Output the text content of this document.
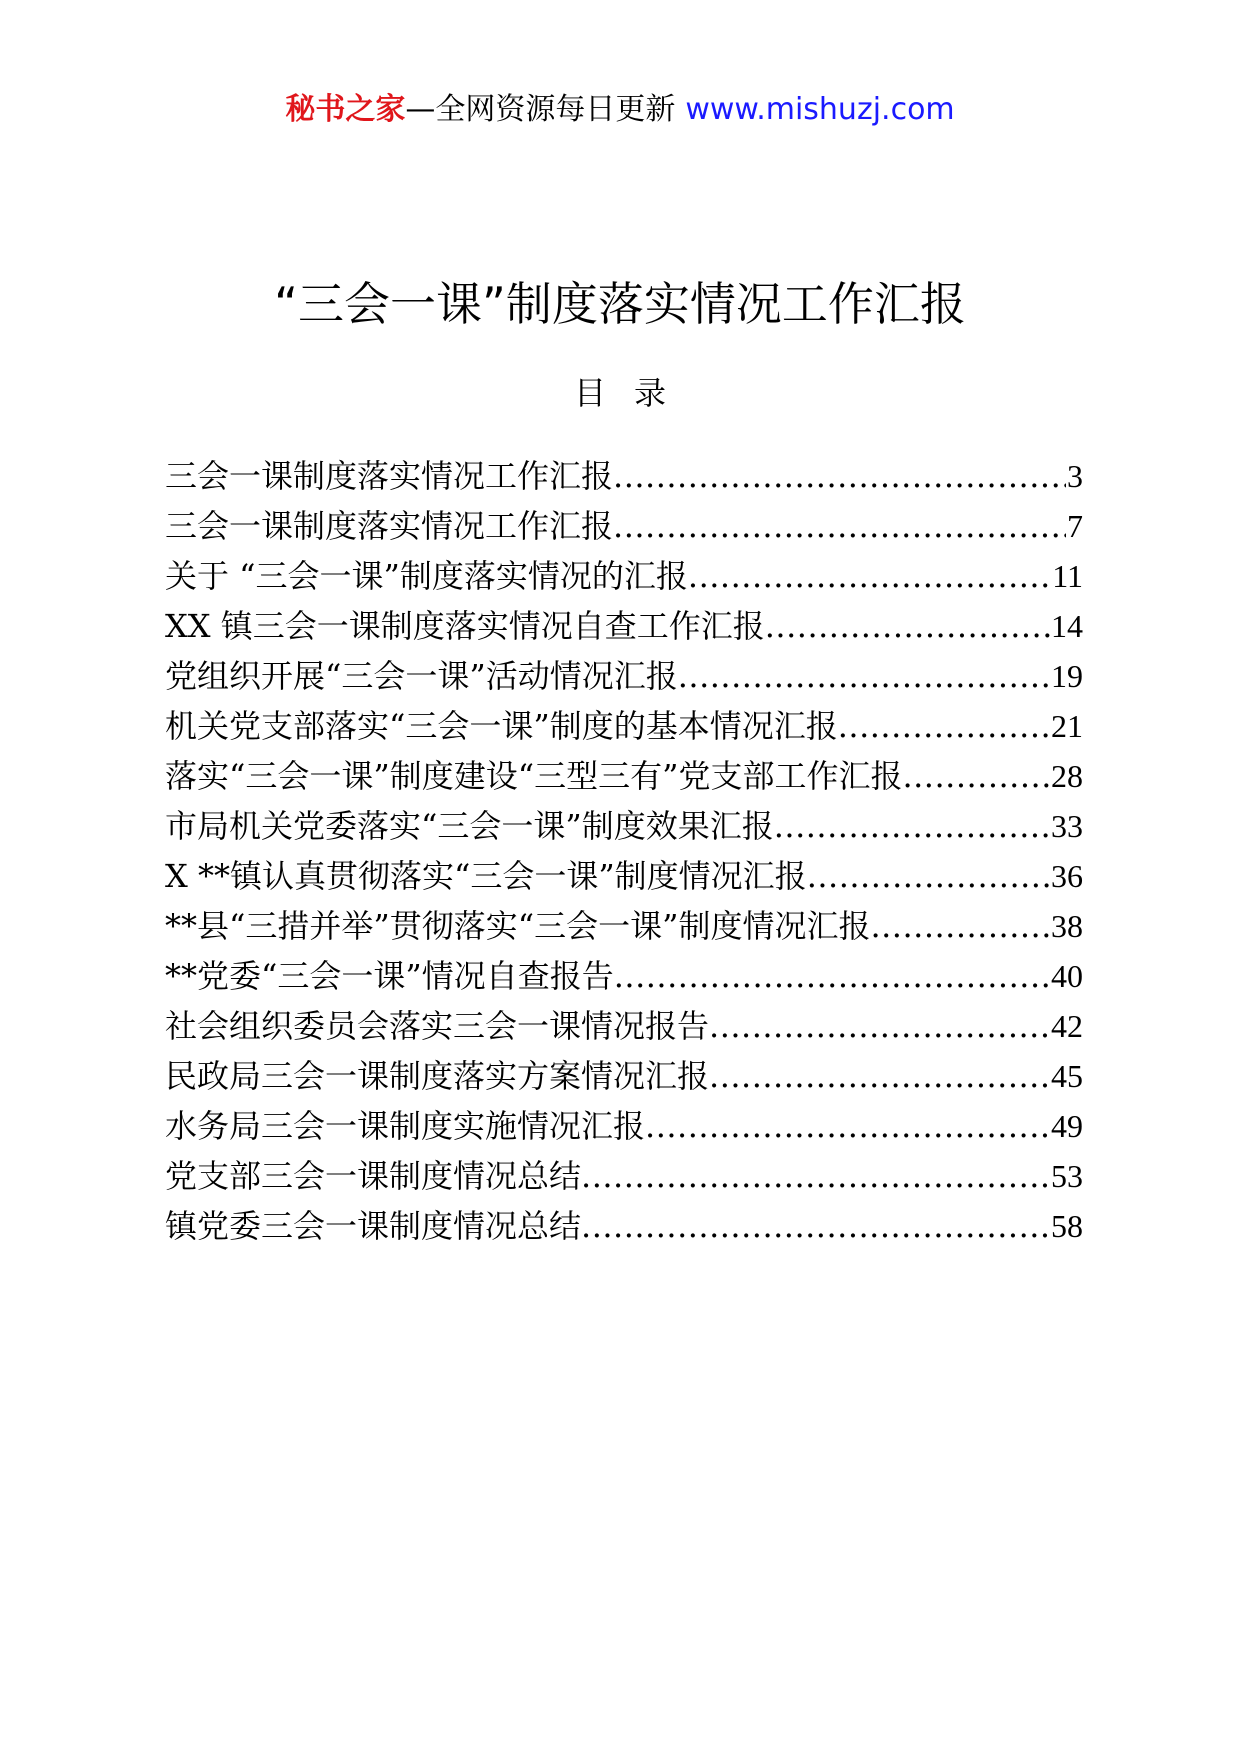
秘书之家—全网资源每日更新 www.mishuzj.com
“三会一课”制度落实情况工作汇报
目录
三会一课制度落实情况工作汇报 .....	3
三会一课制度落实情况工作汇报 .....	7
关于 “三会一课”制度落实情况的汇报 .....	11
XX 镇三会一课制度落实情况自查工作汇报 .....	14
党组织开展“三会一课”活动情况汇报 .....	19
机关党支部落实“三会一课”制度的基本情况汇报 .....	21
落实“三会一课”制度建设“三型三有”党支部工作汇报 .....	28
市局机关党委落实“三会一课”制度效果汇报 .....	33
X **镇认真贯彻落实“三会一课”制度情况汇报 .....	36
**县“三措并举”贯彻落实“三会一课”制度情况汇报 .....	38
**党委“三会一课”情况自查报告 .....	40
社会组织委员会落实三会一课情况报告 .....	42
民政局三会一课制度落实方案情况汇报 .....	45
水务局三会一课制度实施情况汇报 .....	49
党支部三会一课制度情况总结 .....	53
镇党委三会一课制度情况总结 .....	58
